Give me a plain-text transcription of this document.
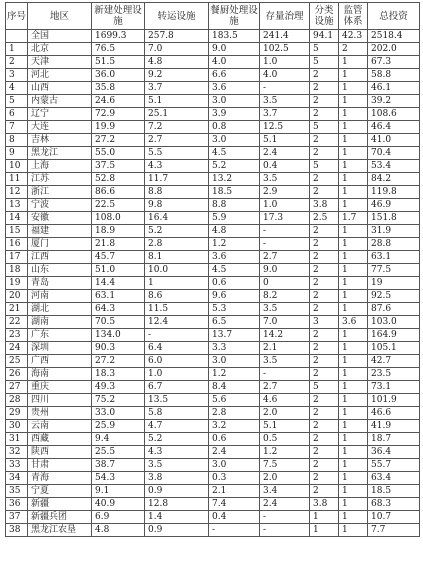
序号	地区	新建处理设施	转运设施	餐厨处理设施	存量治理	分类设施	监管体系	总投资
	全国	1699.3	257.8	183.5	241.4	94.1	42.3	2518.4
1	北京	76.5	7.0	9.0	102.5	5	2	202.0
2	天津	51.5	4.8	4.0	1.0	5	1	67.3
3	河北	36.0	9.2	6.6	4.0	2	1	58.8
4	山西	35.8	3.7	3.6	-	2	1	46.1
5	内蒙古	24.6	5.1	3.0	3.5	2	1	39.2
6	辽宁	72.9	25.1	3.9	3.7	2	1	108.6
7	大连	19.9	7.2	0.8	12.5	5	1	46.4
8	吉林	27.2	2.7	3.0	5.1	2	1	41.0
9	黑龙江	55.0	5.5	4.5	2.4	2	1	70.4
10	上海	37.5	4.3	5.2	0.4	5	1	53.4
11	江苏	52.8	11.7	13.2	3.5	2	1	84.2
12	浙江	86.6	8.8	18.5	2.9	2	1	119.8
13	宁波	22.5	9.8	8.8	1.0	3.8	1	46.9
14	安徽	108.0	16.4	5.9	17.3	2.5	1.7	151.8
15	福建	18.9	5.2	4.8	-	2	1	31.9
16	厦门	21.8	2.8	1.2	-	2	1	28.8
17	江西	45.7	8.1	3.6	2.7	2	1	63.1
18	山东	51.0	10.0	4.5	9.0	2	1	77.5
19	青岛	14.4	1	0.6	0	2	1	19
20	河南	63.1	8.6	9.6	8.2	2	1	92.5
21	湖北	64.3	11.5	5.3	3.5	2	1	87.6
22	湖南	70.5	12.4	6.5	7.0	3	3.6	103.0
23	广东	134.0	-	13.7	14.2	2	1	164.9
24	深圳	90.3	6.4	3.3	2.1	2	1	105.1
25	广西	27.2	6.0	3.0	3.5	2	1	42.7
26	海南	18.3	1.0	1.2	-	2	1	23.5
27	重庆	49.3	6.7	8.4	2.7	5	1	73.1
28	四川	75.2	13.5	5.6	4.6	2	1	101.9
29	贵州	33.0	5.8	2.8	2.0	2	1	46.6
30	云南	25.9	4.7	3.2	5.1	2	1	41.9
31	西藏	9.4	5.2	0.6	0.5	2	1	18.7
32	陕西	25.5	4.3	2.4	1.2	2	1	36.4
33	甘肃	38.7	3.5	3.0	7.5	2	1	55.7
34	青海	54.3	3.8	0.3	2.0	2	1	63.4
35	宁夏	9.1	0.9	2.1	3.4	2	1	18.5
36	新疆	40.9	12.8	7.4	2.4	3.8	1	68.3
37	新疆兵团	6.9	1.4	0.4	-	1	1	10.7
38	黑龙江农垦	4.8	0.9	-	-	1	1	7.7
